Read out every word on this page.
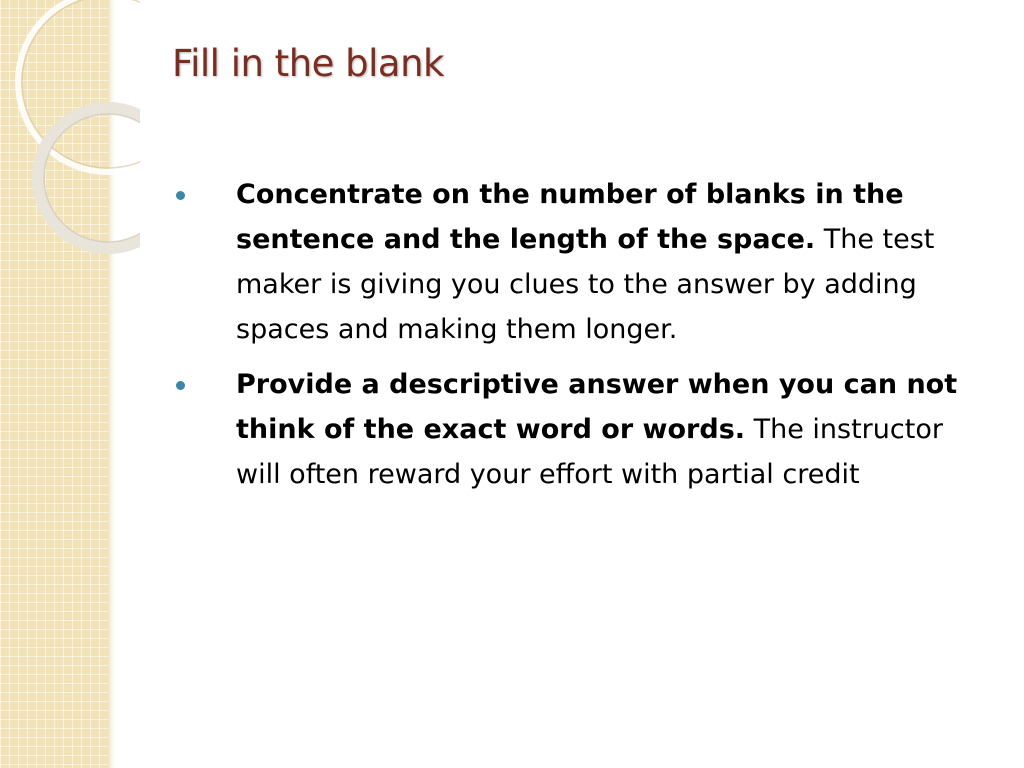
Fill in the blank
Concentrate on the number of blanks in the sentence and the length of the space. The test maker is giving you clues to the answer by adding spaces and making them longer.
Provide a descriptive answer when you can not think of the exact word or words. The instructor will often reward your effort with partial credit
